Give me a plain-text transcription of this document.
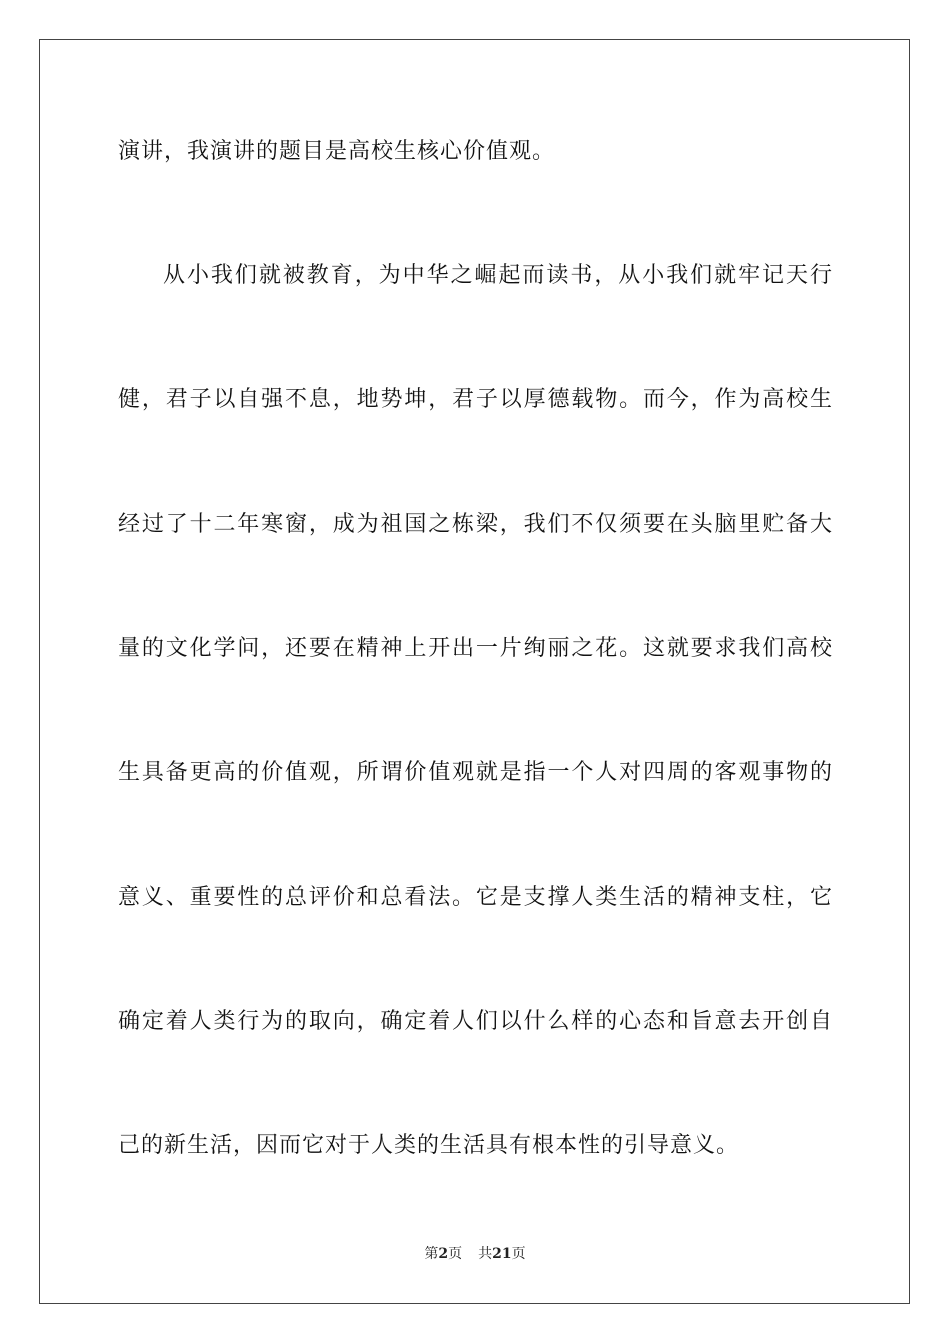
演讲，我演讲的题目是高校生核心价值观。
从小我们就被教育，为中华之崛起而读书，从小我们就牢记天行
健，君子以自强不息，地势坤，君子以厚德载物。而今，作为高校生
经过了十二年寒窗，成为祖国之栋梁，我们不仅须要在头脑里贮备大
量的文化学问，还要在精神上开出一片绚丽之花。这就要求我们高校
生具备更高的价值观，所谓价值观就是指一个人对四周的客观事物的
意义、重要性的总评价和总看法。它是支撑人类生活的精神支柱，它
确定着人类行为的取向，确定着人们以什么样的心态和旨意去开创自
己的新生活，因而它对于人类的生活具有根本性的引导意义。
第2页 共21页
